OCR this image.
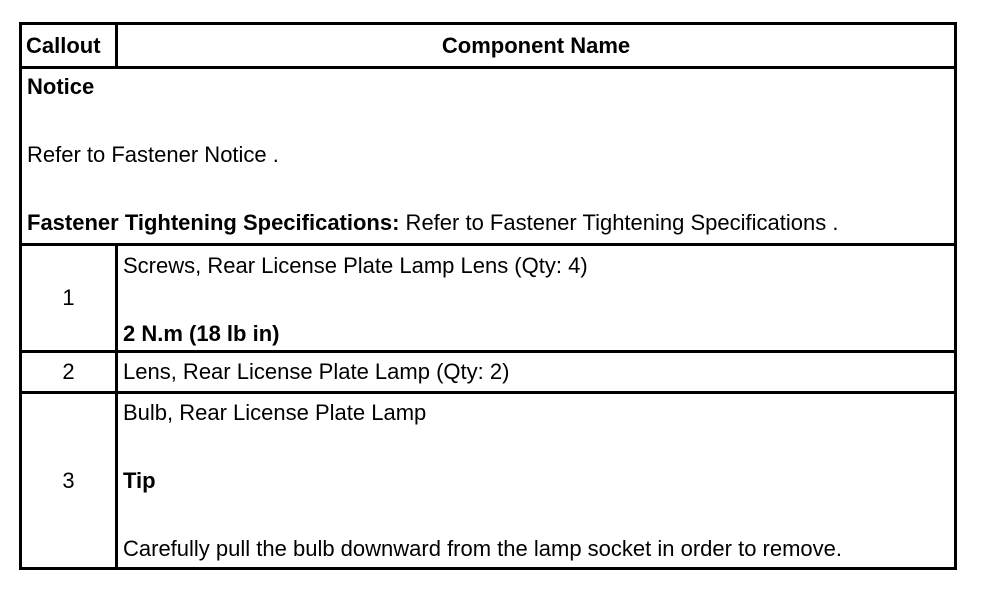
Callout	Component Name
Notice
Refer to Fastener Notice .
Fastener Tightening Specifications: Refer to Fastener Tightening Specifications .
1
Screws, Rear License Plate Lamp Lens (Qty: 4)
2 N.m (18 lb in)
2	Lens, Rear License Plate Lamp (Qty: 2)
3
Bulb, Rear License Plate Lamp
Tip
Carefully pull the bulb downward from the lamp socket in order to remove.
